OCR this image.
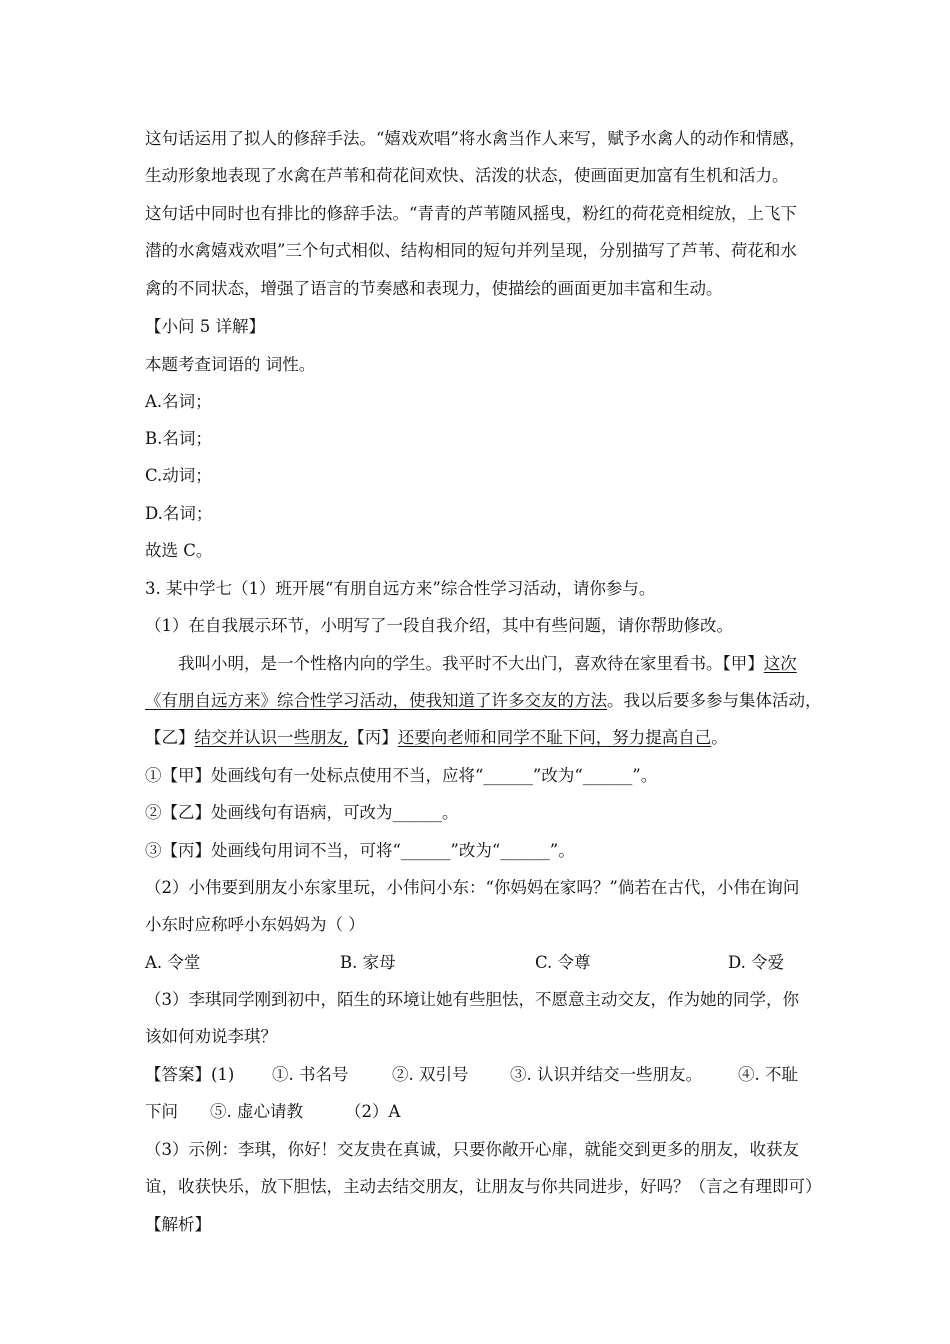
这句话运用了拟人的修辞手法。“嬉戏欢唱”将水禽当作人来写，赋予水禽人的动作和情感，
生动形象地表现了水禽在芦苇和荷花间欢快、活泼的状态，使画面更加富有生机和活力。
这句话中同时也有排比的修辞手法。“青青的芦苇随风摇曳，粉红的荷花竞相绽放，上飞下
潜的水禽嬉戏欢唱”三个句式相似、结构相同的短句并列呈现，分别描写了芦苇、荷花和水
禽的不同状态，增强了语言的节奏感和表现力，使描绘的画面更加丰富和生动。
【小问 5 详解】
本题考查词语的 词性。
A.名词；
B.名词；
C.动词；
D.名词；
故选 C。
3. 某中学七（1）班开展“有朋自远方来”综合性学习活动，请你参与。
（1）在自我展示环节，小明写了一段自我介绍，其中有些问题，请你帮助修改。
我叫小明，是一个性格内向的学生。我平时不大出门，喜欢待在家里看书。【甲】这次
《有朋自远方来》综合性学习活动，使我知道了许多交友的方法。我以后要多参与集体活动，
【乙】结交并认识一些朋友,【丙】还要向老师和同学不耻下问，努力提高自己。
①【甲】处画线句有一处标点使用不当，应将“______”改为“______”。
②【乙】处画线句有语病，可改为______。
③【丙】处画线句用词不当，可将“______”改为“______”。
（2）小伟要到朋友小东家里玩，小伟问小东：“你妈妈在家吗？”倘若在古代，小伟在询问
小东时应称呼小东妈妈为（ ）
A. 令堂	B. 家母	C. 令尊	D. 令爱
（3）李琪同学刚到初中，陌生的环境让她有些胆怯，不愿意主动交友，作为她的同学，你
该如何劝说李琪？
【答案】(1) ①. 书名号	②. 双引号	③. 认识并结交一些朋友。 ④. 不耻
下问 ⑤. 虚心请教	（2）A
（3）示例：李琪，你好！交友贵在真诚，只要你敞开心扉，就能交到更多的朋友，收获友
谊，收获快乐，放下胆怯，主动去结交朋友，让朋友与你共同进步，好吗？（言之有理即可）
【解析】
